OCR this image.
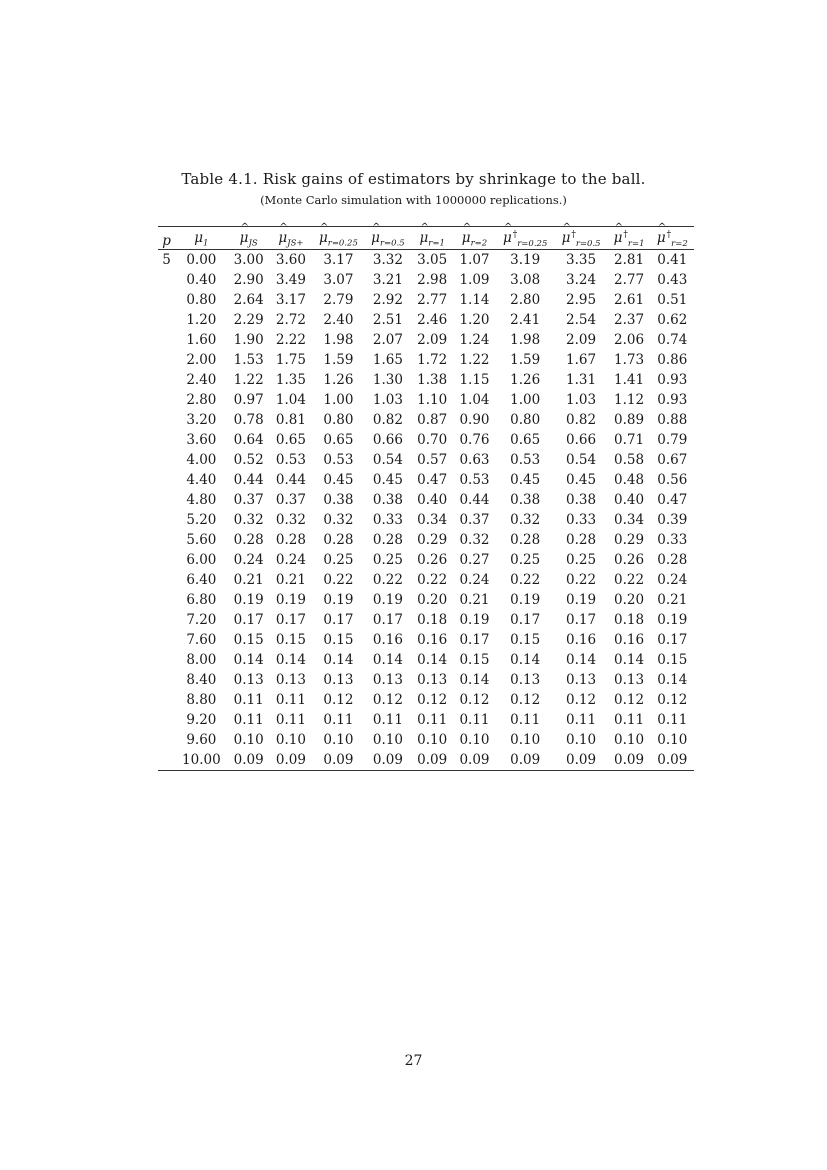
Table 4.1. Risk gains of estimators by shrinkage to the ball.
(Monte Carlo simulation with 1000000 replications.)
p	$\mu_1$	^ $\mu_{JS}$	^ $\mu_{JS+}$	^ $\mu_{r=0.25}$	^ $\mu_{r=0.5}$	^ $\mu_{r=1}$	^ $\mu_{r=2}$	^ $\mu^\dagger_{r=0.25}$	^ $\mu^\dagger_{r=0.5}$	^ $\mu^\dagger_{r=1}$	^ $\mu^\dagger_{r=2}$
5	0.00	3.00	3.60	3.17	3.32	3.05	1.07	3.19	3.35	2.81	0.41
	0.40	2.90	3.49	3.07	3.21	2.98	1.09	3.08	3.24	2.77	0.43
	0.80	2.64	3.17	2.79	2.92	2.77	1.14	2.80	2.95	2.61	0.51
	1.20	2.29	2.72	2.40	2.51	2.46	1.20	2.41	2.54	2.37	0.62
	1.60	1.90	2.22	1.98	2.07	2.09	1.24	1.98	2.09	2.06	0.74
	2.00	1.53	1.75	1.59	1.65	1.72	1.22	1.59	1.67	1.73	0.86
	2.40	1.22	1.35	1.26	1.30	1.38	1.15	1.26	1.31	1.41	0.93
	2.80	0.97	1.04	1.00	1.03	1.10	1.04	1.00	1.03	1.12	0.93
	3.20	0.78	0.81	0.80	0.82	0.87	0.90	0.80	0.82	0.89	0.88
	3.60	0.64	0.65	0.65	0.66	0.70	0.76	0.65	0.66	0.71	0.79
	4.00	0.52	0.53	0.53	0.54	0.57	0.63	0.53	0.54	0.58	0.67
	4.40	0.44	0.44	0.45	0.45	0.47	0.53	0.45	0.45	0.48	0.56
	4.80	0.37	0.37	0.38	0.38	0.40	0.44	0.38	0.38	0.40	0.47
	5.20	0.32	0.32	0.32	0.33	0.34	0.37	0.32	0.33	0.34	0.39
	5.60	0.28	0.28	0.28	0.28	0.29	0.32	0.28	0.28	0.29	0.33
	6.00	0.24	0.24	0.25	0.25	0.26	0.27	0.25	0.25	0.26	0.28
	6.40	0.21	0.21	0.22	0.22	0.22	0.24	0.22	0.22	0.22	0.24
	6.80	0.19	0.19	0.19	0.19	0.20	0.21	0.19	0.19	0.20	0.21
	7.20	0.17	0.17	0.17	0.17	0.18	0.19	0.17	0.17	0.18	0.19
	7.60	0.15	0.15	0.15	0.16	0.16	0.17	0.15	0.16	0.16	0.17
	8.00	0.14	0.14	0.14	0.14	0.14	0.15	0.14	0.14	0.14	0.15
	8.40	0.13	0.13	0.13	0.13	0.13	0.14	0.13	0.13	0.13	0.14
	8.80	0.11	0.11	0.12	0.12	0.12	0.12	0.12	0.12	0.12	0.12
	9.20	0.11	0.11	0.11	0.11	0.11	0.11	0.11	0.11	0.11	0.11
	9.60	0.10	0.10	0.10	0.10	0.10	0.10	0.10	0.10	0.10	0.10
	10.00	0.09	0.09	0.09	0.09	0.09	0.09	0.09	0.09	0.09	0.09
27
